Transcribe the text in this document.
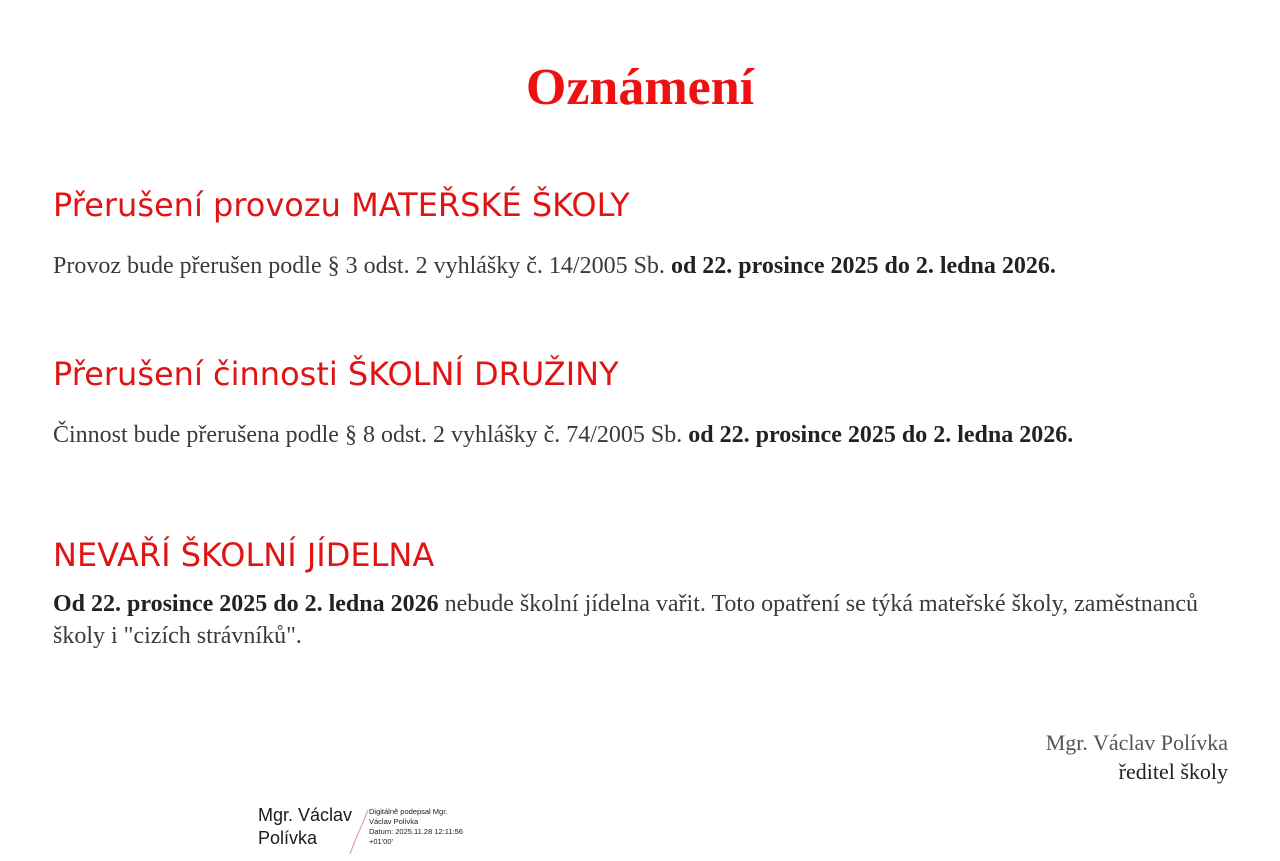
Oznámení
Přerušení provozu MATEŘSKÉ ŠKOLY

Provoz bude přerušen podle § 3 odst. 2 vyhlášky č. 14/2005 Sb. od 22. prosince 2025 do 2. ledna 2026.

Přerušení činnosti ŠKOLNÍ DRUŽINY

Činnost bude přerušena podle § 8 odst. 2 vyhlášky č. 74/2005 Sb. od 22. prosince 2025 do 2. ledna 2026.

NEVAŘÍ ŠKOLNÍ JÍDELNA

Od 22. prosince 2025 do 2. ledna 2026 nebude školní jídelna vařit. Toto opatření se týká mateřské školy, zaměstnanců školy i "cizích strávníků".

Mgr. Václav Polívka
ředitel školy
Mgr. Václav
Polívka
Digitálně podepsal Mgr.
Václav Polívka
Datum: 2025.11.28 12:11:56
+01'00'
